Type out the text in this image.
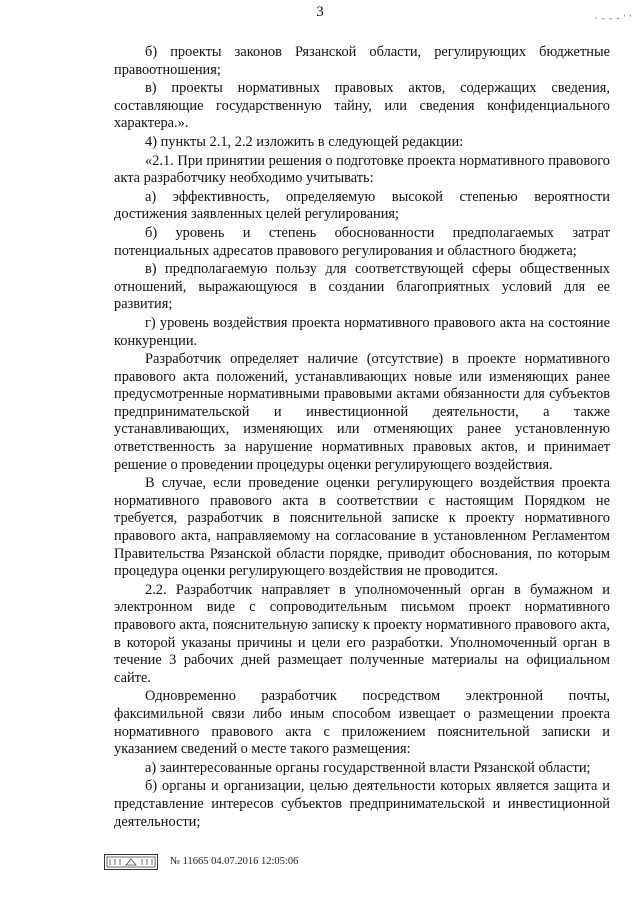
3	· - - - ' '

б) проекты законов Рязанской области, регулирующих бюджетные правоотношения;

в) проекты нормативных правовых актов, содержащих сведения, составляющие государственную тайну, или сведения конфиденциального характера.».

4) пункты 2.1, 2.2 изложить в следующей редакции:

«2.1. При принятии решения о подготовке проекта нормативного правового акта разработчику необходимо учитывать:

а) эффективность, определяемую высокой степенью вероятности достижения заявленных целей регулирования;

б) уровень и степень обоснованности предполагаемых затрат потенциальных адресатов правового регулирования и областного бюджета;

в) предполагаемую пользу для соответствующей сферы общественных отношений, выражающуюся в создании благоприятных условий для ее развития;

г) уровень воздействия проекта нормативного правового акта на состояние конкуренции.

Разработчик определяет наличие (отсутствие) в проекте нормативного правового акта положений, устанавливающих новые или изменяющих ранее предусмотренные нормативными правовыми актами обязанности для субъектов предпринимательской и инвестиционной деятельности, а также устанавливающих, изменяющих или отменяющих ранее установленную ответственность за нарушение нормативных правовых актов, и принимает решение о проведении процедуры оценки регулирующего воздействия.

В случае, если проведение оценки регулирующего воздействия проекта нормативного правового акта в соответствии с настоящим Порядком не требуется, разработчик в пояснительной записке к проекту нормативного правового акта, направляемому на согласование в установленном Регламентом Правительства Рязанской области порядке, приводит обоснования, по которым процедура оценки регулирующего воздействия не проводится.

2.2. Разработчик направляет в уполномоченный орган в бумажном и электронном виде с сопроводительным письмом проект нормативного правового акта, пояснительную записку к проекту нормативного правового акта, в которой указаны причины и цели его разработки. Уполномоченный орган в течение 3 рабочих дней размещает полученные материалы на официальном сайте.

Одновременно разработчик посредством электронной почты, факсимильной связи либо иным способом извещает о размещении проекта нормативного правового акта с приложением пояснительной записки и указанием сведений о месте такого размещения:

а) заинтересованные органы государственной власти Рязанской области;

б) органы и организации, целью деятельности которых является защита и представление интересов субъектов предпринимательской и инвестиционной деятельности;

№ 11665 04.07.2016 12:05:06
